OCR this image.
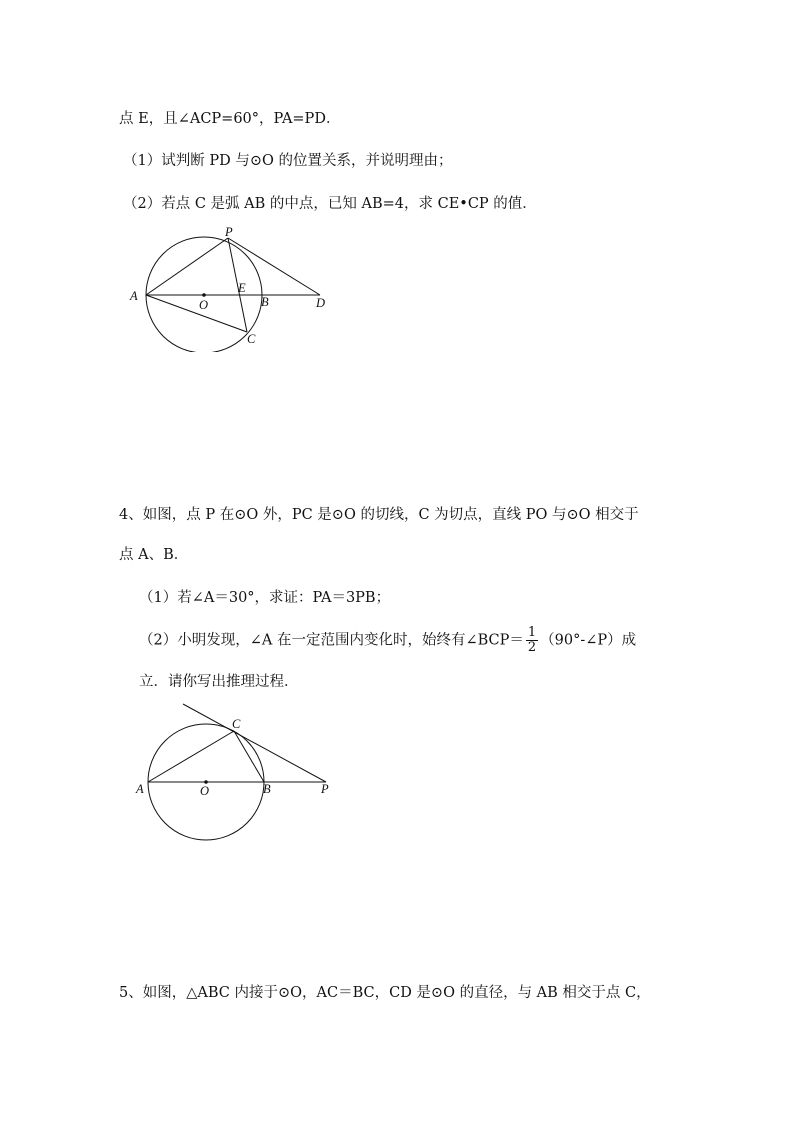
点 E，且∠ACP=60°，PA=PD．
（1）试判断 PD 与⊙O 的位置关系，并说明理由；
（2）若点 C 是弧 AB 的中点，已知 AB=4，求 CE•CP 的值．
P
A
O
E
B	D
C
4、如图，点 P 在⊙O 外，PC 是⊙O 的切线，C 为切点，直线 PO 与⊙O 相交于
点 A、B．
（1）若∠A＝30°，求证：PA＝3PB；
（2）小明发现，∠A 在一定范围内变化时，始终有∠BCP＝ $\frac{1}{2}$ （90°-∠P）成
立．请你写出推理过程．
C
A	O	B	P
5、如图，△ABC 内接于⊙O，AC＝BC，CD 是⊙O 的直径，与 AB 相交于点 C，
